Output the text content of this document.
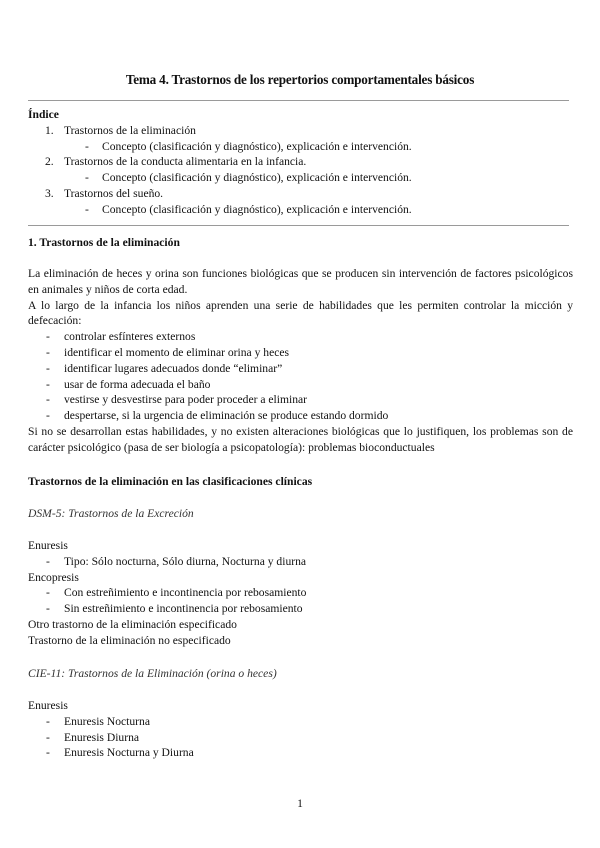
Tema 4. Trastornos de los repertorios comportamentales básicos
Índice
1. Trastornos de la eliminación
- Concepto (clasificación y diagnóstico), explicación e intervención.
2. Trastornos de la conducta alimentaria en la infancia.
- Concepto (clasificación y diagnóstico), explicación e intervención.
3. Trastornos del sueño.
- Concepto (clasificación y diagnóstico), explicación e intervención.
1. Trastornos de la eliminación
La eliminación de heces y orina son funciones biológicas que se producen sin intervención de factores psicológicos en animales y niños de corta edad.
A lo largo de la infancia los niños aprenden una serie de habilidades que les permiten controlar la micción y defecación:
- controlar esfínteres externos
- identificar el momento de eliminar orina y heces
- identificar lugares adecuados donde “eliminar”
- usar de forma adecuada el baño
- vestirse y desvestirse para poder proceder a eliminar
- despertarse, si la urgencia de eliminación se produce estando dormido
Si no se desarrollan estas habilidades, y no existen alteraciones biológicas que lo justifiquen, los problemas son de carácter psicológico (pasa de ser biología a psicopatología): problemas bioconductuales
Trastornos de la eliminación en las clasificaciones clínicas
DSM-5: Trastornos de la Excreción
Enuresis
- Tipo: Sólo nocturna, Sólo diurna, Nocturna y diurna
Encopresis
- Con estreñimiento e incontinencia por rebosamiento
- Sin estreñimiento e incontinencia por rebosamiento
Otro trastorno de la eliminación especificado
Trastorno de la eliminación no especificado
CIE-11: Trastornos de la Eliminación (orina o heces)
Enuresis
- Enuresis Nocturna
- Enuresis Diurna
- Enuresis Nocturna y Diurna
1
